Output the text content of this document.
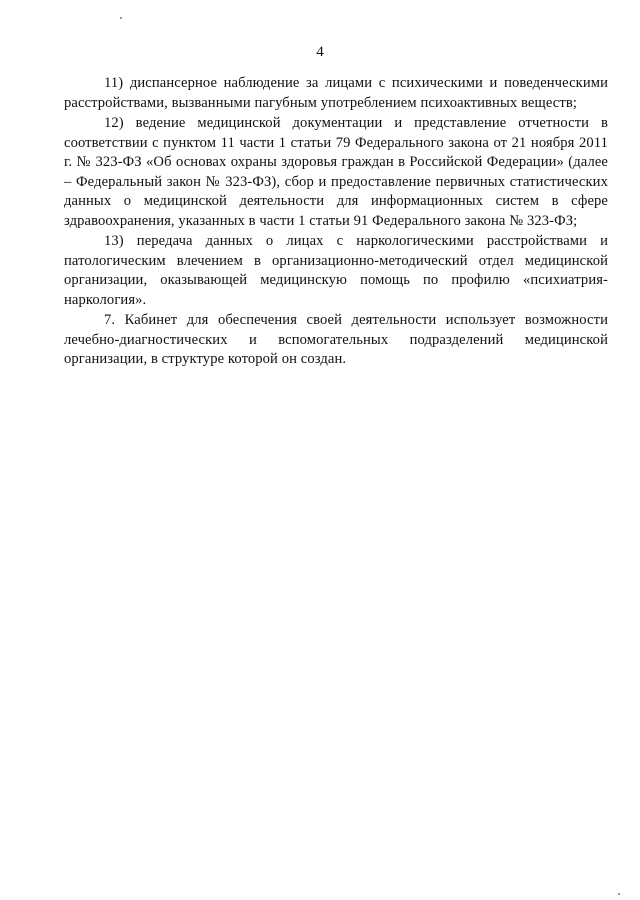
4

11) диспансерное наблюдение за лицами с психическими и поведенческими расстройствами, вызванными пагубным употреблением психоактивных веществ;

12) ведение медицинской документации и представление отчетности в соответствии с пунктом 11 части 1 статьи 79 Федерального закона от 21 ноября 2011 г. № 323-ФЗ «Об основах охраны здоровья граждан в Российской Федерации» (далее – Федеральный закон № 323-ФЗ), сбор и предоставление первичных статистических данных о медицинской деятельности для информационных систем в сфере здравоохранения, указанных в части 1 статьи 91 Федерального закона № 323-ФЗ;

13) передача данных о лицах с наркологическими расстройствами и патологическим влечением в организационно-методический отдел медицинской организации, оказывающей медицинскую помощь по профилю «психиатрия-наркология».

7. Кабинет для обеспечения своей деятельности использует возможности лечебно-диагностических и вспомогательных подразделений медицинской организации, в структуре которой он создан.
